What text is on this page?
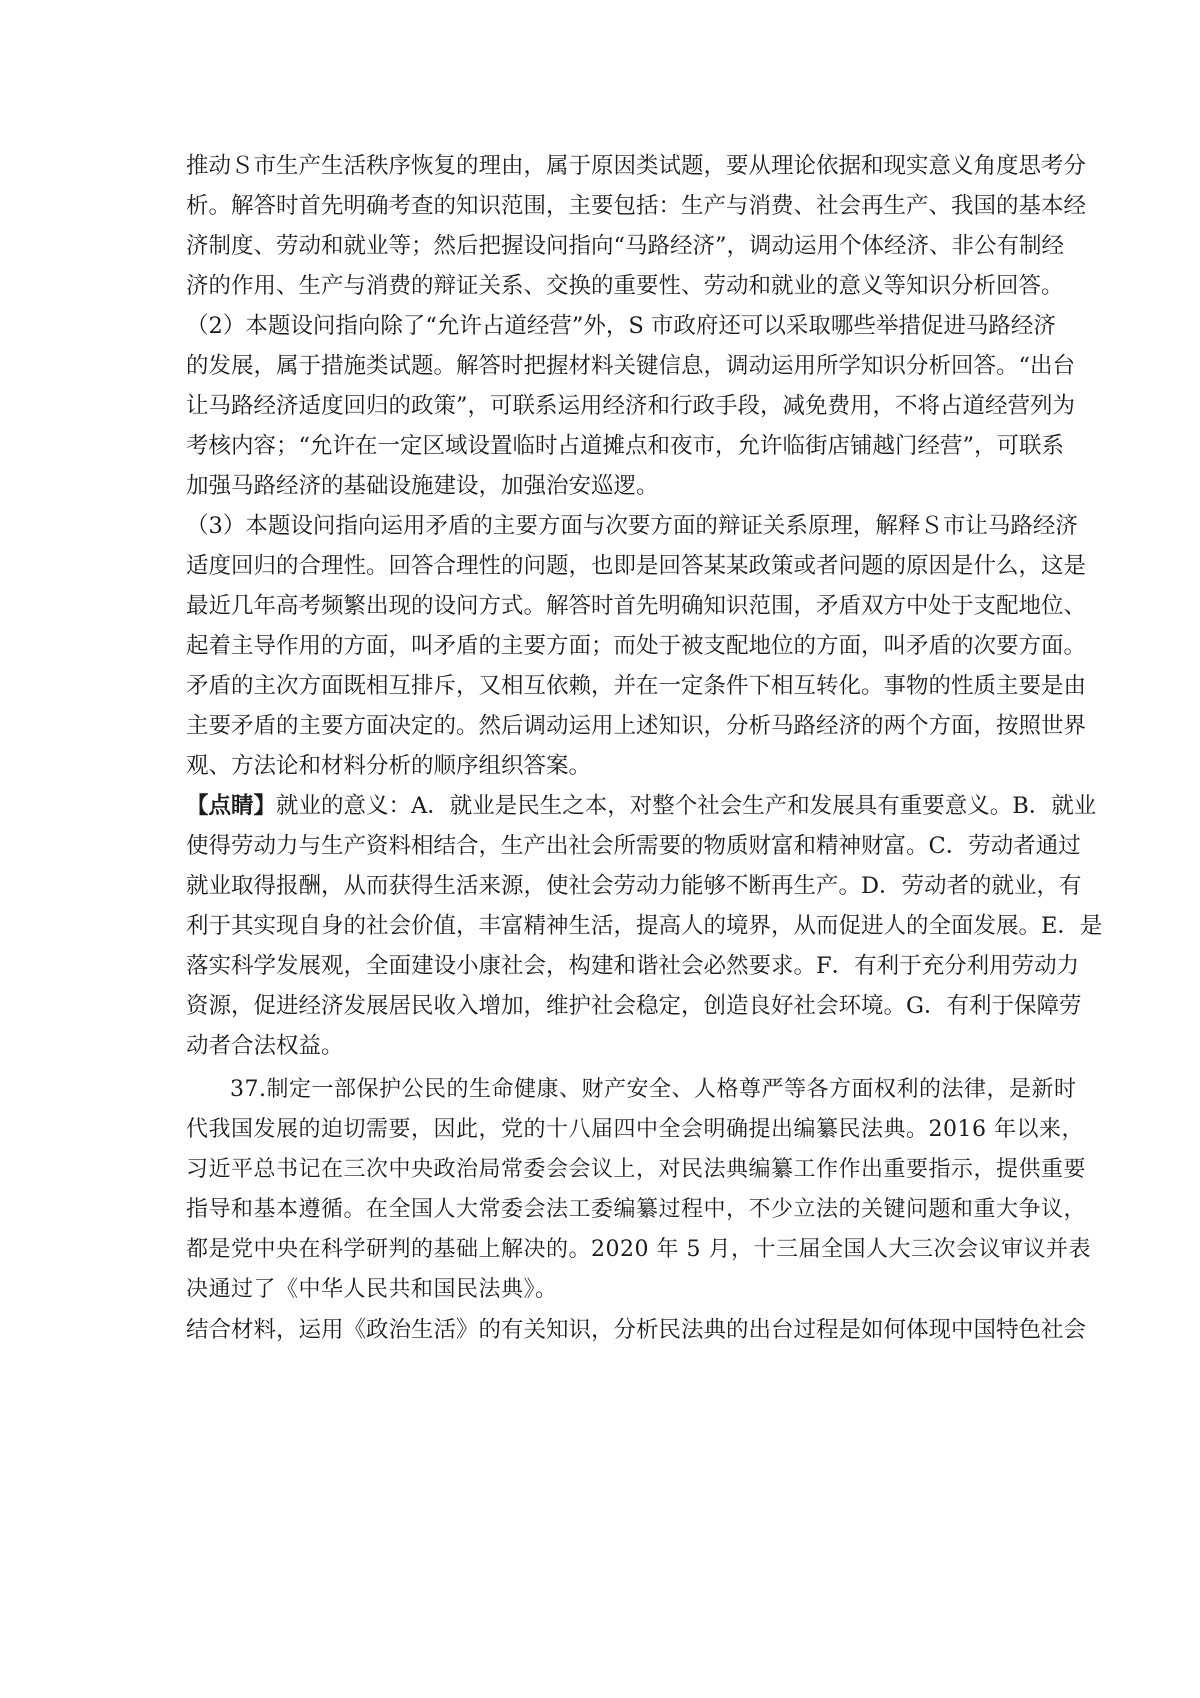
推动Ｓ市生产生活秩序恢复的理由，属于原因类试题，要从理论依据和现实意义角度思考分
析。解答时首先明确考查的知识范围，主要包括：生产与消费、社会再生产、我国的基本经
济制度、劳动和就业等；然后把握设问指向“马路经济”，调动运用个体经济、非公有制经
济的作用、生产与消费的辩证关系、交换的重要性、劳动和就业的意义等知识分析回答。
（2）本题设问指向除了“允许占道经营”外，S 市政府还可以采取哪些举措促进马路经济
的发展，属于措施类试题。解答时把握材料关键信息，调动运用所学知识分析回答。“出台
让马路经济适度回归的政策”，可联系运用经济和行政手段，减免费用，不将占道经营列为
考核内容；“允许在一定区域设置临时占道摊点和夜市，允许临街店铺越门经营”，可联系
加强马路经济的基础设施建设，加强治安巡逻。
（3）本题设问指向运用矛盾的主要方面与次要方面的辩证关系原理，解释Ｓ市让马路经济
适度回归的合理性。回答合理性的问题，也即是回答某某政策或者问题的原因是什么，这是
最近几年高考频繁出现的设问方式。解答时首先明确知识范围，矛盾双方中处于支配地位、
起着主导作用的方面，叫矛盾的主要方面；而处于被支配地位的方面，叫矛盾的次要方面。
矛盾的主次方面既相互排斥，又相互依赖，并在一定条件下相互转化。事物的性质主要是由
主要矛盾的主要方面决定的。然后调动运用上述知识，分析马路经济的两个方面，按照世界
观、方法论和材料分析的顺序组织答案。
【点睛】就业的意义：A．就业是民生之本，对整个社会生产和发展具有重要意义。B．就业
使得劳动力与生产资料相结合，生产出社会所需要的物质财富和精神财富。C．劳动者通过
就业取得报酬，从而获得生活来源，使社会劳动力能够不断再生产。D．劳动者的就业，有
利于其实现自身的社会价值，丰富精神生活，提高人的境界，从而促进人的全面发展。E．是
落实科学发展观，全面建设小康社会，构建和谐社会必然要求。F．有利于充分利用劳动力
资源，促进经济发展居民收入增加，维护社会稳定，创造良好社会环境。G．有利于保障劳
动者合法权益。
37.制定一部保护公民的生命健康、财产安全、人格尊严等各方面权利的法律，是新时
代我国发展的迫切需要，因此，党的十八届四中全会明确提出编纂民法典。2016 年以来，
习近平总书记在三次中央政治局常委会会议上，对民法典编纂工作作出重要指示，提供重要
指导和基本遵循。在全国人大常委会法工委编纂过程中，不少立法的关键问题和重大争议，
都是党中央在科学研判的基础上解决的。2020 年 5 月，十三届全国人大三次会议审议并表
决通过了《中华人民共和国民法典》。
结合材料，运用《政治生活》的有关知识，分析民法典的出台过程是如何体现中国特色社会
